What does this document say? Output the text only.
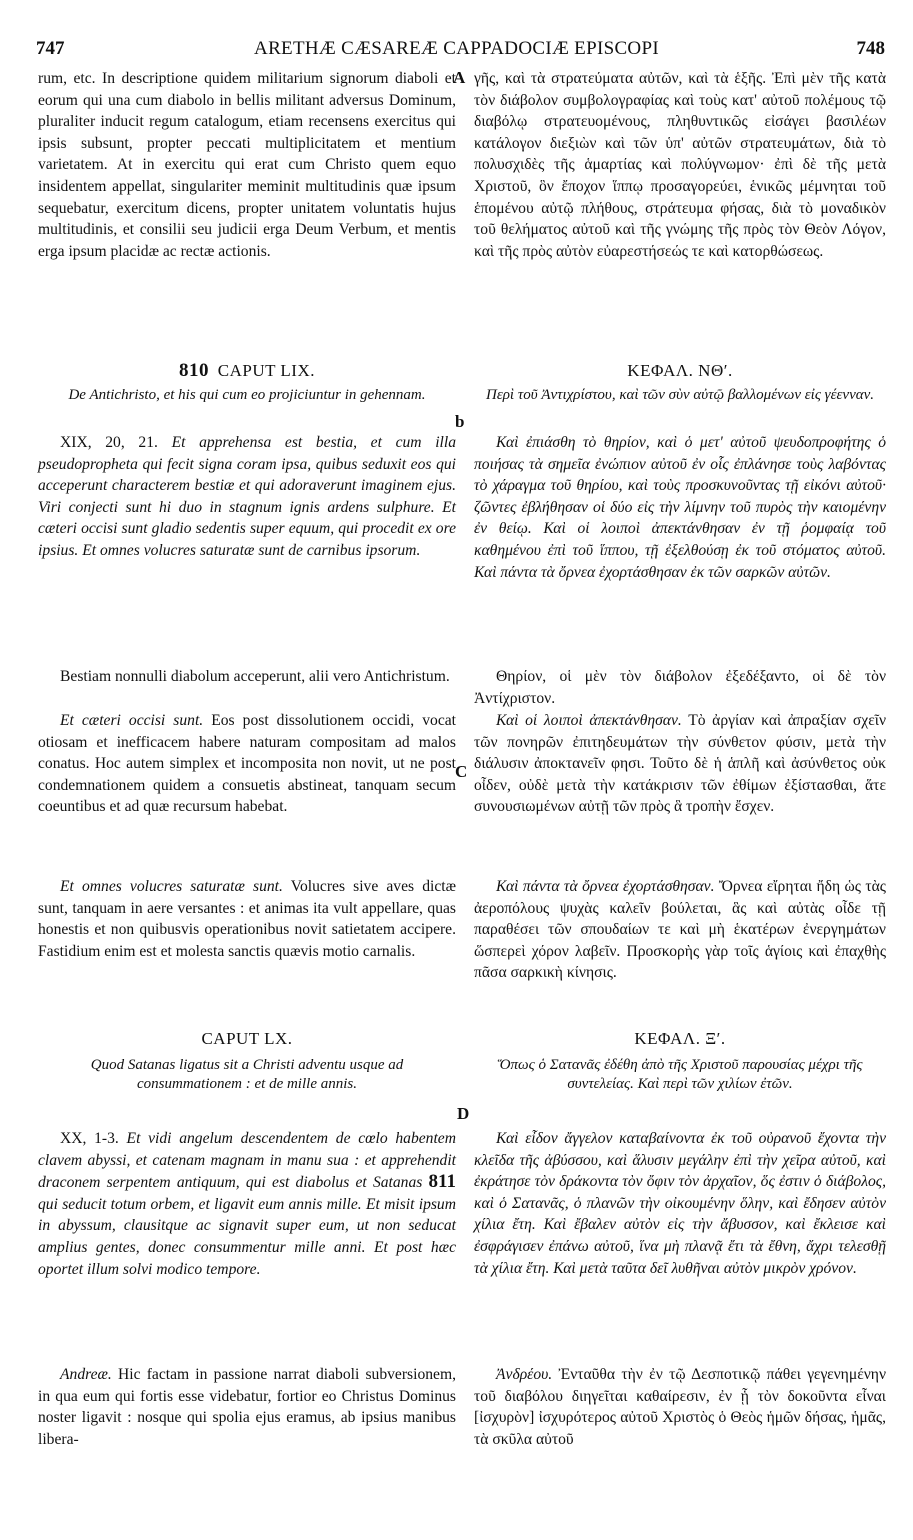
747	ARETHÆ CÆSAREÆ CAPPADOCIÆ EPISCOPI	748
A
b
C
D

rum, etc. In descriptione quidem militarium signorum diaboli et eorum qui una cum diabolo in bellis militant adversus Dominum, pluraliter inducit regum catalogum, etiam recensens exercitus qui ipsis subsunt, propter peccati multiplicitatem et mentium varietatem. At in exercitu qui erat cum Christo quem equo insidentem appellat, singulariter meminit multitudinis quæ ipsum sequebatur, exercitum dicens, propter unitatem voluntatis hujus multitudinis, et consilii seu judicii erga Deum Verbum, et mentis erga ipsum placidæ ac rectæ actionis.

810 CAPUT LIX.
De Antichristo, et his qui cum eo projiciuntur in gehennam.

XIX, 20, 21. Et apprehensa est bestia, et cum illa pseudopropheta qui fecit signa coram ipsa, quibus seduxit eos qui acceperunt characterem bestiæ et qui adoraverunt imaginem ejus. Viri conjecti sunt hi duo in stagnum ignis ardens sulphure. Et cæteri occisi sunt gladio sedentis super equum, qui procedit ex ore ipsius. Et omnes volucres saturatæ sunt de carnibus ipsorum.

Bestiam nonnulli diabolum acceperunt, alii vero Antichristum.

Et cæteri occisi sunt. Eos post dissolutionem occidi, vocat otiosam et inefficacem habere naturam compositam ad malos conatus. Hoc autem simplex et incomposita non novit, ut ne post condemnationem quidem a consuetis abstineat, tanquam secum coeuntibus et ad quæ recursum habebat.

Et omnes volucres saturatæ sunt. Volucres sive aves dictæ sunt, tanquam in aere versantes : et animas ita vult appellare, quas honestis et non quibusvis operationibus novit satietatem accipere. Fastidium enim est et molesta sanctis quævis motio carnalis.

CAPUT LX.
Quod Satanas ligatus sit a Christi adventu usque ad consummationem : et de mille annis.

XX, 1-3. Et vidi angelum descendentem de cœlo habentem clavem abyssi, et catenam magnam in manu sua : et apprehendit draconem serpentem antiquum, qui est diabolus et Satanas 811 qui seducit totum orbem, et ligavit eum annis mille. Et misit ipsum in abyssum, clausitque ac signavit super eum, ut non seducat amplius gentes, donec consummentur mille anni. Et post hæc oportet illum solvi modico tempore.

Andreæ. Hic factam in passione narrat diaboli subversionem, in qua eum qui fortis esse videbatur, fortior eo Christus Dominus noster ligavit : nosque qui spolia ejus eramus, ab ipsius manibus libera-

γῆς, καὶ τὰ στρατεύματα αὐτῶν, καὶ τὰ ἑξῆς. Ἐπὶ μὲν τῆς κατὰ τὸν διάβολον συμβολογραφίας καὶ τοὺς κατ' αὐτοῦ πολέμους τῷ διαβόλῳ στρατευομένους, πληθυντικῶς εἰσάγει βασιλέων κατάλογον διεξιὼν καὶ τῶν ὑπ' αὐτῶν στρατευμάτων, διὰ τὸ πολυσχιδὲς τῆς ἁμαρτίας καὶ πολύγνωμον· ἐπὶ δὲ τῆς μετὰ Χριστοῦ, ὃν ἔποχον ἵππῳ προσαγορεύει, ἑνικῶς μέμνηται τοῦ ἑπομένου αὐτῷ πλήθους, στράτευμα φήσας, διὰ τὸ μοναδικὸν τοῦ θελήματος αὐτοῦ καὶ τῆς γνώμης τῆς πρὸς τὸν Θεὸν Λόγον, καὶ τῆς πρὸς αὐτὸν εὐαρεστήσεώς τε καὶ κατορθώσεως.

ΚΕΦΑΛ. ΝΘʹ.
Περὶ τοῦ Ἀντιχρίστου, καὶ τῶν σὺν αὐτῷ βαλλομένων εἰς γέενναν.

Καὶ ἐπιάσθη τὸ θηρίον, καὶ ὁ μετ' αὐτοῦ ψευδοπροφήτης ὁ ποιήσας τὰ σημεῖα ἐνώπιον αὐτοῦ ἐν οἷς ἐπλάνησε τοὺς λαβόντας τὸ χάραγμα τοῦ θηρίου, καὶ τοὺς προσκυνοῦντας τῇ εἰκόνι αὐτοῦ· ζῶντες ἐβλήθησαν οἱ δύο εἰς τὴν λίμνην τοῦ πυρὸς τὴν καιομένην ἐν θείῳ. Καὶ οἱ λοιποὶ ἀπεκτάνθησαν ἐν τῇ ῥομφαίᾳ τοῦ καθημένου ἐπὶ τοῦ ἵππου, τῇ ἐξελθούσῃ ἐκ τοῦ στόματος αὐτοῦ. Καὶ πάντα τὰ ὄρνεα ἐχορτάσθησαν ἐκ τῶν σαρκῶν αὐτῶν.

Θηρίον, οἱ μὲν τὸν διάβολον ἐξεδέξαντο, οἱ δὲ τὸν Ἀντίχριστον.

Καὶ οἱ λοιποὶ ἀπεκτάνθησαν. Τὸ ἀργίαν καὶ ἀπραξίαν σχεῖν τῶν πονηρῶν ἐπιτηδευμάτων τὴν σύνθετον φύσιν, μετὰ τὴν διάλυσιν ἀποκτανεῖν φησι. Τοῦτο δὲ ἡ ἁπλῆ καὶ ἀσύνθετος οὐκ οἶδεν, οὐδὲ μετὰ τὴν κατάκρισιν τῶν ἐθίμων ἐξίστασθαι, ἅτε συνουσιωμένων αὐτῇ τῶν πρὸς ἃ τροπὴν ἔσχεν.

Καὶ πάντα τὰ ὄρνεα ἐχορτάσθησαν. Ὄρνεα εἴρηται ἤδη ὡς τὰς ἀεροπόλους ψυχὰς καλεῖν βούλεται, ἃς καὶ αὐτὰς οἶδε τῇ παραθέσει τῶν σπουδαίων τε καὶ μὴ ἑκατέρων ἐνεργημάτων ὥσπερεὶ χόρον λαβεῖν. Προσκορὴς γὰρ τοῖς ἁγίοις καὶ ἐπαχθὴς πᾶσα σαρκικὴ κίνησις.

ΚΕΦΑΛ. Ξʹ.
Ὅπως ὁ Σατανᾶς ἐδέθη ἀπὸ τῆς Χριστοῦ παρουσίας μέχρι τῆς συντελείας. Καὶ περὶ τῶν χιλίων ἐτῶν.

Καὶ εἶδον ἄγγελον καταβαίνοντα ἐκ τοῦ οὐρανοῦ ἔχοντα τὴν κλεῖδα τῆς ἀβύσσου, καὶ ἅλυσιν μεγάλην ἐπὶ τὴν χεῖρα αὐτοῦ, καὶ ἐκράτησε τὸν δράκοντα τὸν ὄφιν τὸν ἀρχαῖον, ὅς ἐστιν ὁ διάβολος, καὶ ὁ Σατανᾶς, ὁ πλανῶν τὴν οἰκουμένην ὅλην, καὶ ἔδησεν αὐτὸν χίλια ἔτη. Καὶ ἔβαλεν αὐτὸν εἰς τὴν ἄβυσσον, καὶ ἔκλεισε καὶ ἐσφράγισεν ἐπάνω αὐτοῦ, ἵνα μὴ πλανᾷ ἔτι τὰ ἔθνη, ἄχρι τελεσθῇ τὰ χίλια ἔτη. Καὶ μετὰ ταῦτα δεῖ λυθῆναι αὐτὸν μικρὸν χρόνον.

Ἀνδρέου. Ἐνταῦθα τὴν ἐν τῷ Δεσποτικῷ πάθει γεγενημένην τοῦ διαβόλου διηγεῖται καθαίρεσιν, ἐν ᾗ τὸν δοκοῦντα εἶναι [ἰσχυρὸν] ἰσχυρότερος αὐτοῦ Χριστὸς ὁ Θεὸς ἡμῶν δήσας, ἡμᾶς, τὰ σκῦλα αὐτοῦ
